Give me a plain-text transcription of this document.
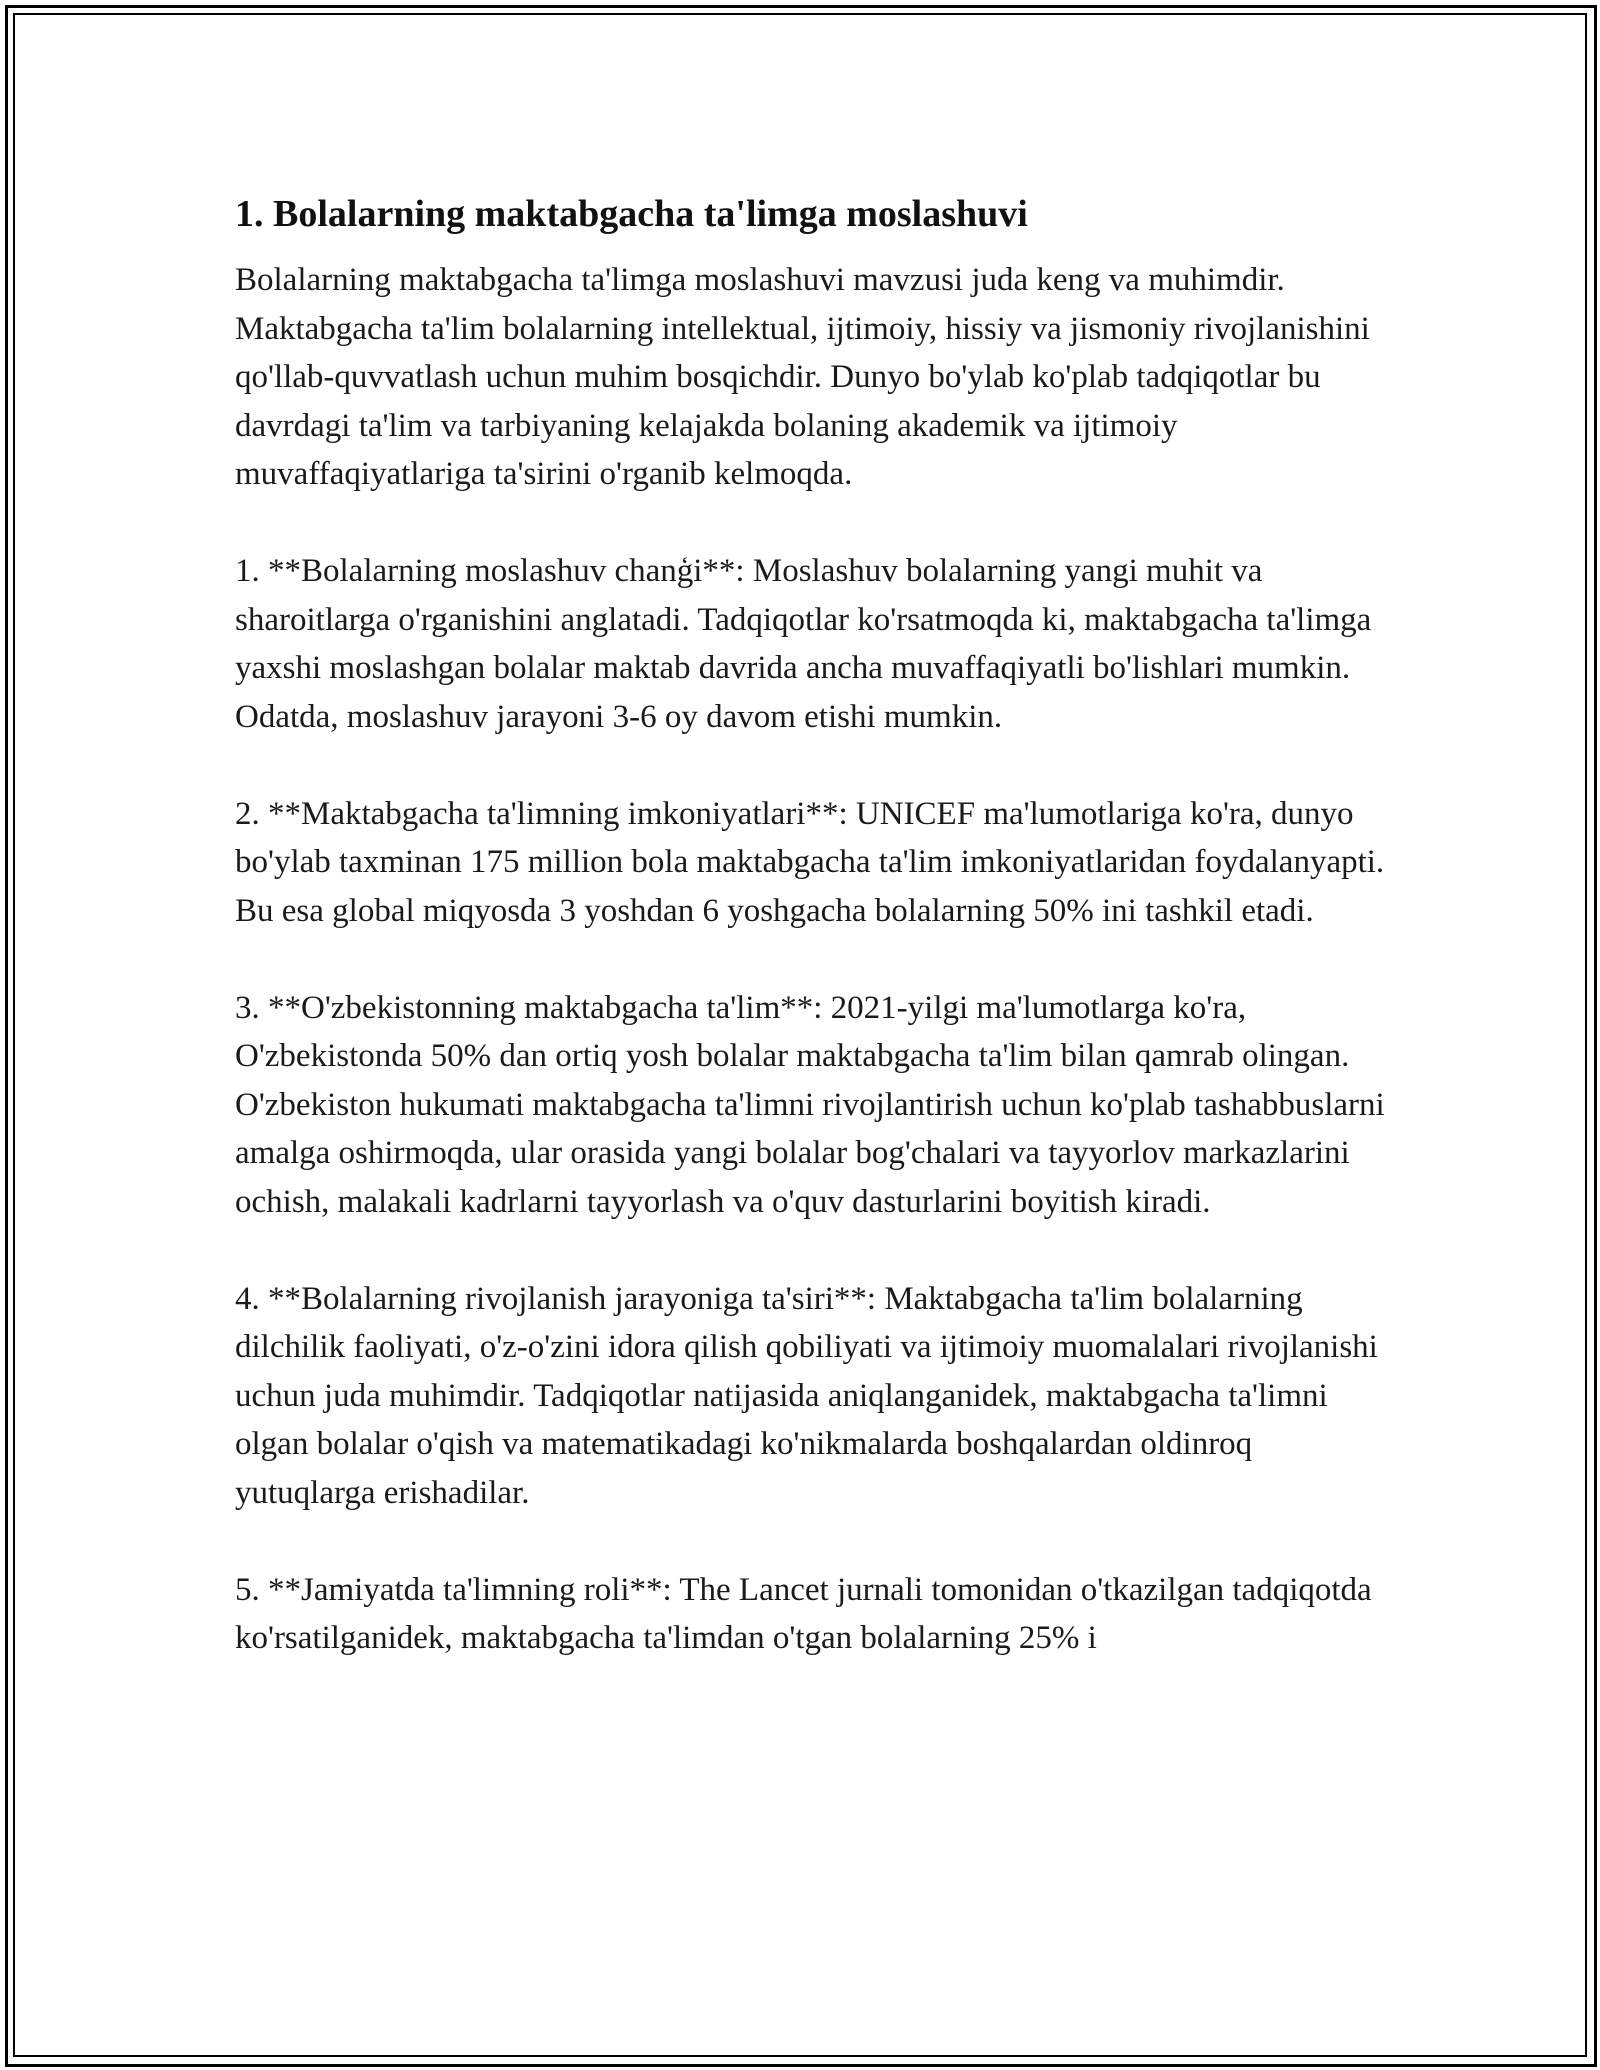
1. Bolalarning maktabgacha ta'limga moslashuvi

Bolalarning maktabgacha ta'limga moslashuvi mavzusi juda keng va muhimdir. Maktabgacha ta'lim bolalarning intellektual, ijtimoiy, hissiy va jismoniy rivojlanishini qo'llab-quvvatlash uchun muhim bosqichdir. Dunyo bo'ylab ko'plab tadqiqotlar bu davrdagi ta'lim va tarbiyaning kelajakda bolaning akademik va ijtimoiy muvaffaqiyatlariga ta'sirini o'rganib kelmoqda.

1. **Bolalarning moslashuv chanģi**: Moslashuv bolalarning yangi muhit va sharoitlarga o'rganishini anglatadi. Tadqiqotlar ko'rsatmoqda ki, maktabgacha ta'limga yaxshi moslashgan bolalar maktab davrida ancha muvaffaqiyatli bo'lishlari mumkin. Odatda, moslashuv jarayoni 3-6 oy davom etishi mumkin.

2. **Maktabgacha ta'limning imkoniyatlari**: UNICEF ma'lumotlariga ko'ra, dunyo bo'ylab taxminan 175 million bola maktabgacha ta'lim imkoniyatlaridan foydalanyapti. Bu esa global miqyosda 3 yoshdan 6 yoshgacha bolalarning 50% ini tashkil etadi.

3. **O'zbekistonning maktabgacha ta'lim**: 2021-yilgi ma'lumotlarga ko'ra, O'zbekistonda 50% dan ortiq yosh bolalar maktabgacha ta'lim bilan qamrab olingan. O'zbekiston hukumati maktabgacha ta'limni rivojlantirish uchun ko'plab tashabbuslarni amalga oshirmoqda, ular orasida yangi bolalar bog'chalari va tayyorlov markazlarini ochish, malakali kadrlarni tayyorlash va o'quv dasturlarini boyitish kiradi.

4. **Bolalarning rivojlanish jarayoniga ta'siri**: Maktabgacha ta'lim bolalarning dilchilik faoliyati, o'z-o'zini idora qilish qobiliyati va ijtimoiy muomalalari rivojlanishi uchun juda muhimdir. Tadqiqotlar natijasida aniqlanganidek, maktabgacha ta'limni olgan bolalar o'qish va matematikadagi ko'nikmalarda boshqalardan oldinroq yutuqlarga erishadilar.

5. **Jamiyatda ta'limning roli**: The Lancet jurnali tomonidan o'tkazilgan tadqiqotda ko'rsatilganidek, maktabgacha ta'limdan o'tgan bolalarning 25% i
